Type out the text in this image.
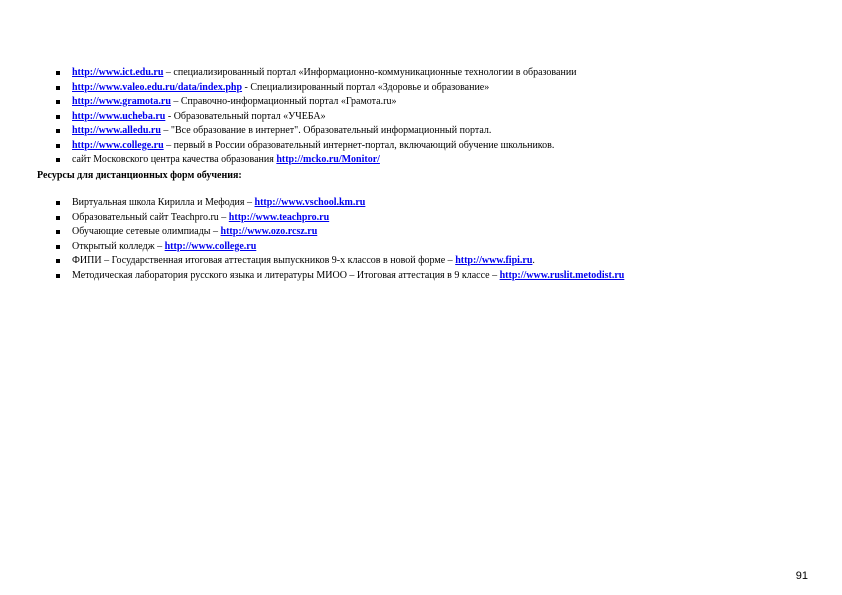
http://www.ict.edu.ru – специализированный портал «Информационно-коммуникационные технологии в образовании
http://www.valeo.edu.ru/data/index.php - Специализированный портал «Здоровье и образование»
http://www.gramota.ru – Справочно-информационный портал «Грамота.ru»
http://www.ucheba.ru - Образовательный портал «УЧЕБА»
http://www.alledu.ru – "Все образование в интернет". Образовательный информационный портал.
http://www.college.ru – первый в России образовательный интернет-портал, включающий обучение школьников.
сайт Московского центра качества образования http://mcko.ru/Monitor/
Ресурсы для дистанционных форм обучения:
Виртуальная школа Кирилла и Мефодия – http://www.vschool.km.ru
Образовательный сайт Teachpro.ru – http://www.teachpro.ru
Обучающие сетевые олимпиады – http://www.ozo.rcsz.ru
Открытый колледж – http://www.college.ru
ФИПИ – Государственная итоговая аттестация выпускников 9-х классов в новой форме – http://www.fipi.ru.
Методическая лаборатория русского языка и литературы МИОО – Итоговая аттестация в 9 классе – http://www.ruslit.metodist.ru
91
